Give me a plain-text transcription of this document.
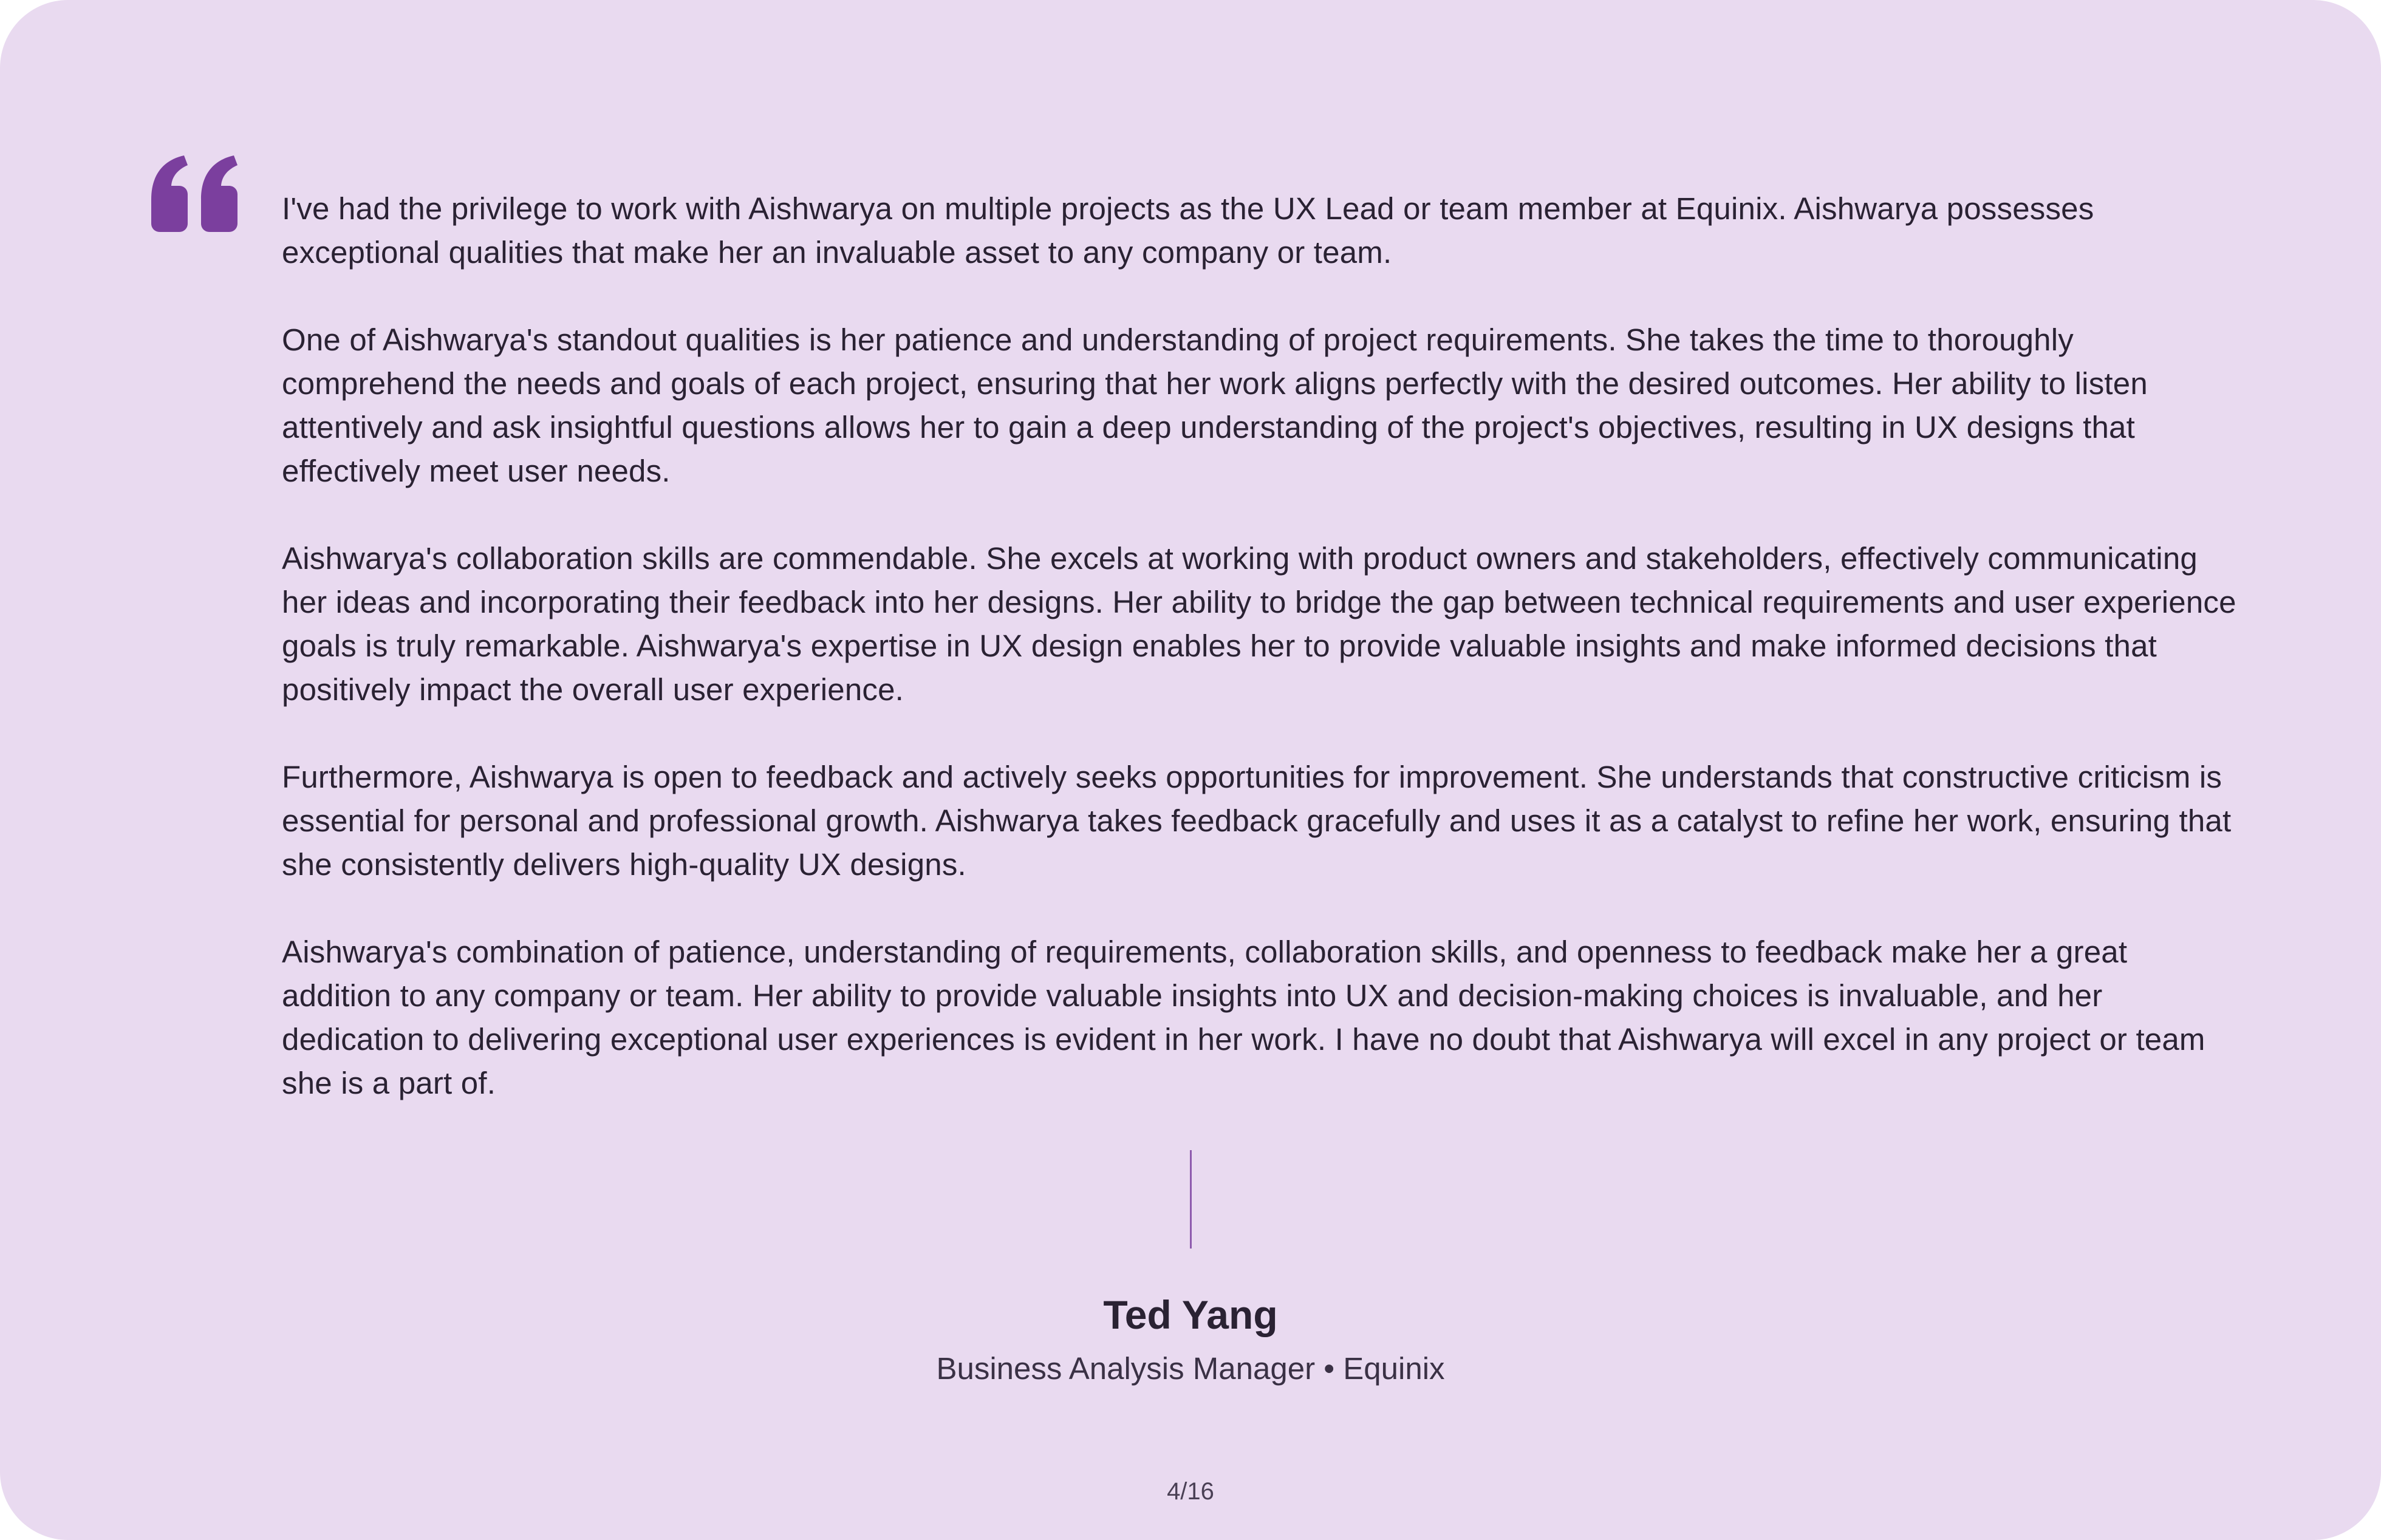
I've had the privilege to work with Aishwarya on multiple projects as the UX Lead or team member at Equinix. Aishwarya possesses exceptional qualities that make her an invaluable asset to any company or team.

One of Aishwarya's standout qualities is her patience and understanding of project requirements. She takes the time to thoroughly comprehend the needs and goals of each project, ensuring that her work aligns perfectly with the desired outcomes. Her ability to listen attentively and ask insightful questions allows her to gain a deep understanding of the project's objectives, resulting in UX designs that effectively meet user needs.

Aishwarya's collaboration skills are commendable. She excels at working with product owners and stakeholders, effectively communicating her ideas and incorporating their feedback into her designs. Her ability to bridge the gap between technical requirements and user experience goals is truly remarkable. Aishwarya's expertise in UX design enables her to provide valuable insights and make informed decisions that positively impact the overall user experience.

Furthermore, Aishwarya is open to feedback and actively seeks opportunities for improvement. She understands that constructive criticism is essential for personal and professional growth. Aishwarya takes feedback gracefully and uses it as a catalyst to refine her work, ensuring that she consistently delivers high-quality UX designs.

Aishwarya's combination of patience, understanding of requirements, collaboration skills, and openness to feedback make her a great addition to any company or team. Her ability to provide valuable insights into UX and decision-making choices is invaluable, and her dedication to delivering exceptional user experiences is evident in her work. I have no doubt that Aishwarya will excel in any project or team she is a part of.

Ted Yang
Business Analysis Manager • Equinix
4/16
